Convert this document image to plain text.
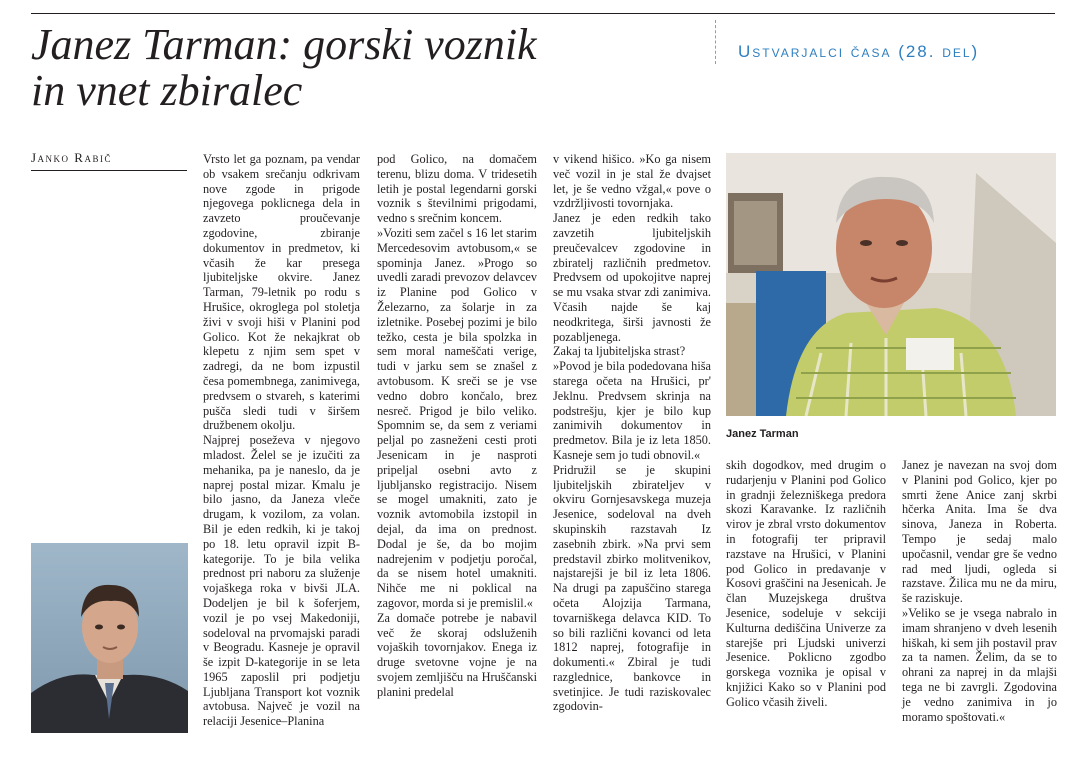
Janez Tarman: gorski voznik
in vnet zbiralec
Ustvarjalci časa (28. del)
Janko Rabič
Janez Tarman

Vrsto let ga poznam, pa vendar ob vsakem srečanju odkrivam nove zgode in prigode njegovega poklicnega dela in zavzeto proučevanje zgodovine, zbiranje dokumentov in predmetov, ki včasih že kar presega ljubiteljske okvire. Janez Tarman, 79-letnik po rodu s Hrušice, okroglega pol stoletja živi v svoji hiši v Planini pod Golico. Kot že nekajkrat ob klepetu z njim sem spet v zadregi, da ne bom izpustil česa pomembnega, zanimivega, predvsem o stvareh, s katerimi pušča sledi tudi v širšem družbenem okolju.

Najprej poseževa v njegovo mladost. Želel se je izučiti za mehanika, pa je naneslo, da je naprej postal mizar. Kmalu je bilo jasno, da Janeza vleče drugam, k vozilom, za volan. Bil je eden redkih, ki je takoj po 18. letu opravil izpit B-kategorije. To je bila velika prednost pri naboru za služenje vojaškega roka v bivši JLA. Dodeljen je bil k šoferjem, vozil je po vsej Makedoniji, sodeloval na prvomajski paradi v Beogradu. Kasneje je opravil še izpit D-kategorije in se leta 1965 zaposlil pri podjetju Ljubljana Transport kot voznik avtobusa. Največ je vozil na relaciji Jesenice–Planina

pod Golico, na domačem terenu, blizu doma. V tridesetih letih je postal legendarni gorski voznik s številnimi prigodami, vedno s srečnim koncem.

»Voziti sem začel s 16 let starim Mercedesovim avtobusom,« se spominja Janez. »Progo so uvedli zaradi prevozov delavcev iz Planine pod Golico v Železarno, za šolarje in za izletnike. Posebej pozimi je bilo težko, cesta je bila spolzka in sem moral nameščati verige, tudi v jarku sem se znašel z avtobusom. K sreči se je vse vedno dobro končalo, brez nesreč. Prigod je bilo veliko. Spomnim se, da sem z veriami peljal po zasneženi cesti proti Jesenicam in je nasproti pripeljal osebni avto z ljubljansko registracijo. Nisem se mogel umakniti, zato je voznik avtomobila izstopil in dejal, da ima on prednost. Dodal je še, da bo mojim nadrejenim v podjetju poročal, da se nisem hotel umakniti. Nihče me ni poklical na zagovor, morda si je premislil.«

Za domače potrebe je nabavil več že skoraj odsluženih vojaških tovornjakov. Enega iz druge svetovne vojne je na svojem zemljišču na Hruščanski planini predelal

v vikend hišico. »Ko ga nisem več vozil in je stal že dvajset let, je še vedno vžgal,« pove o vzdržljivosti tovornjaka.

Janez je eden redkih tako zavzetih ljubiteljskih preučevalcev zgodovine in zbiratelj različnih predmetov. Predvsem od upokojitve naprej se mu vsaka stvar zdi zanimiva. Včasih najde še kaj neodkritega, širši javnosti že pozabljenega.

Zakaj ta ljubiteljska strast?

»Povod je bila podedovana hiša starega očeta na Hrušici, pr' Jeklnu. Predvsem skrinja na podstrešju, kjer je bilo kup zanimivih dokumentov in predmetov. Bila je iz leta 1850. Kasneje sem jo tudi obnovil.«

Pridružil se je skupini ljubiteljskih zbirateljev v okviru Gornjesavskega muzeja Jesenice, sodeloval na dveh skupinskih razstavah Iz zasebnih zbirk. »Na prvi sem predstavil zbirko molitvenikov, najstarejši je bil iz leta 1806. Na drugi pa zapuščino starega očeta Alojzija Tarmana, tovarniškega delavca KID. To so bili različni kovanci od leta 1812 naprej, fotografije in dokumenti.« Zbiral je tudi razglednice, bankovce in svetinjice. Je tudi raziskovalec zgodovin-

skih dogodkov, med drugim o rudarjenju v Planini pod Golico in gradnji železniškega predora skozi Karavanke. Iz različnih virov je zbral vrsto dokumentov in fotografij ter pripravil razstave na Hrušici, v Planini pod Golico in predavanje v Kosovi graščini na Jesenicah. Je član Muzejskega društva Jesenice, sodeluje v sekciji Kulturna dediščina Univerze za starejše pri Ljudski univerzi Jesenice. Poklicno zgodbo gorskega voznika je opisal v knjižici Kako so v Planini pod Golico včasih živeli.

Janez je navezan na svoj dom v Planini pod Golico, kjer po smrti žene Anice zanj skrbi hčerka Anita. Ima še dva sinova, Janeza in Roberta. Tempo je sedaj malo upočasnil, vendar gre še vedno rad med ljudi, ogleda si razstave. Žilica mu ne da miru, še raziskuje.

»Veliko se je vsega nabralo in imam shranjeno v dveh lesenih hiškah, ki sem jih postavil prav za ta namen. Želim, da se to ohrani za naprej in da mlajši tega ne bi zavrgli. Zgodovina je vedno zanimiva in jo moramo spoštovati.«
